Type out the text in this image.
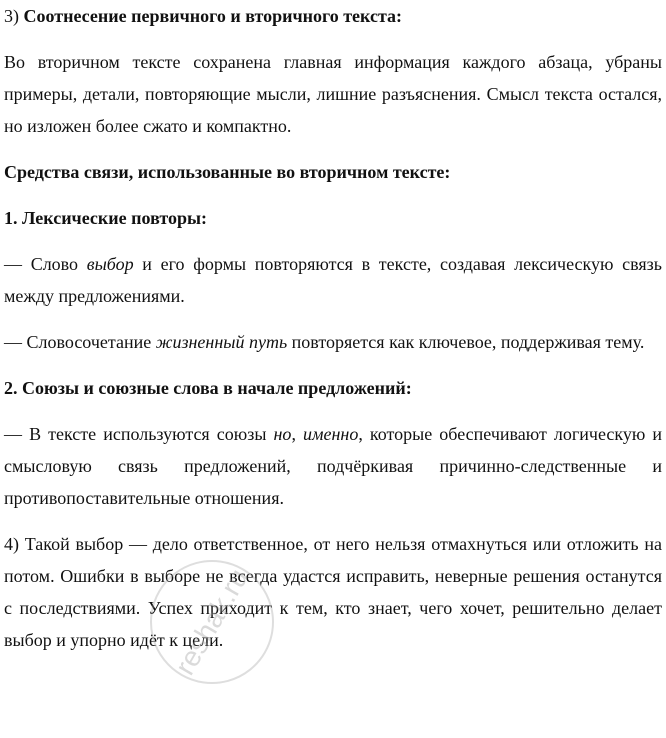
3) Соотнесение первичного и вторичного текста:

Во вторичном тексте сохранена главная информация каждого абзаца, убраны примеры, детали, повторяющие мысли, лишние разъяснения. Смысл текста остался, но изложен более сжато и компактно.

Средства связи, использованные во вторичном тексте:

1. Лексические повторы:

— Слово выбор и его формы повторяются в тексте, создавая лексическую связь между предложениями.

— Словосочетание жизненный путь повторяется как ключевое, поддерживая тему.

2. Союзы и союзные слова в начале предложений:

— В тексте используются союзы но, именно, которые обеспечивают логическую и смысловую связь предложений, подчёркивая причинно-следственные и противопоставительные отношения.

4) Такой выбор — дело ответственное, от него нельзя отмахнуться или отложить на потом. Ошибки в выборе не всегда удастся исправить, неверные решения останутся с последствиями. Успех приходит к тем, кто знает, чего хочет, решительно делает выбор и упорно идёт к цели.

reshak.ru
